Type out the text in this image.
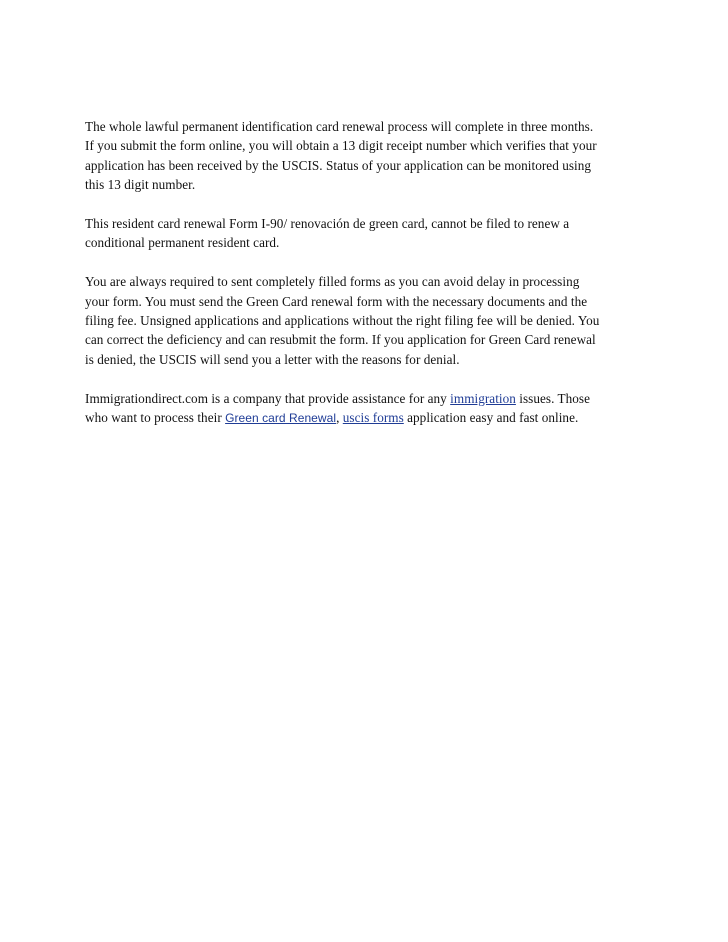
The whole lawful permanent identification card renewal process will complete in three months.
If you submit the form online, you will obtain a 13 digit receipt number which verifies that your
application has been received by the USCIS. Status of your application can be monitored using
this 13 digit number.

This resident card renewal Form I-90/ renovación de green card, cannot be filed to renew a
conditional permanent resident card.

You are always required to sent completely filled forms as you can avoid delay in processing
your form. You must send the Green Card renewal form with the necessary documents and the
filing fee. Unsigned applications and applications without the right filing fee will be denied. You
can correct the deficiency and can resubmit the form. If you application for Green Card renewal
is denied, the USCIS will send you a letter with the reasons for denial.

Immigrationdirect.com is a company that provide assistance for any immigration issues. Those
who want to process their Green card Renewal, uscis forms application easy and fast online.
